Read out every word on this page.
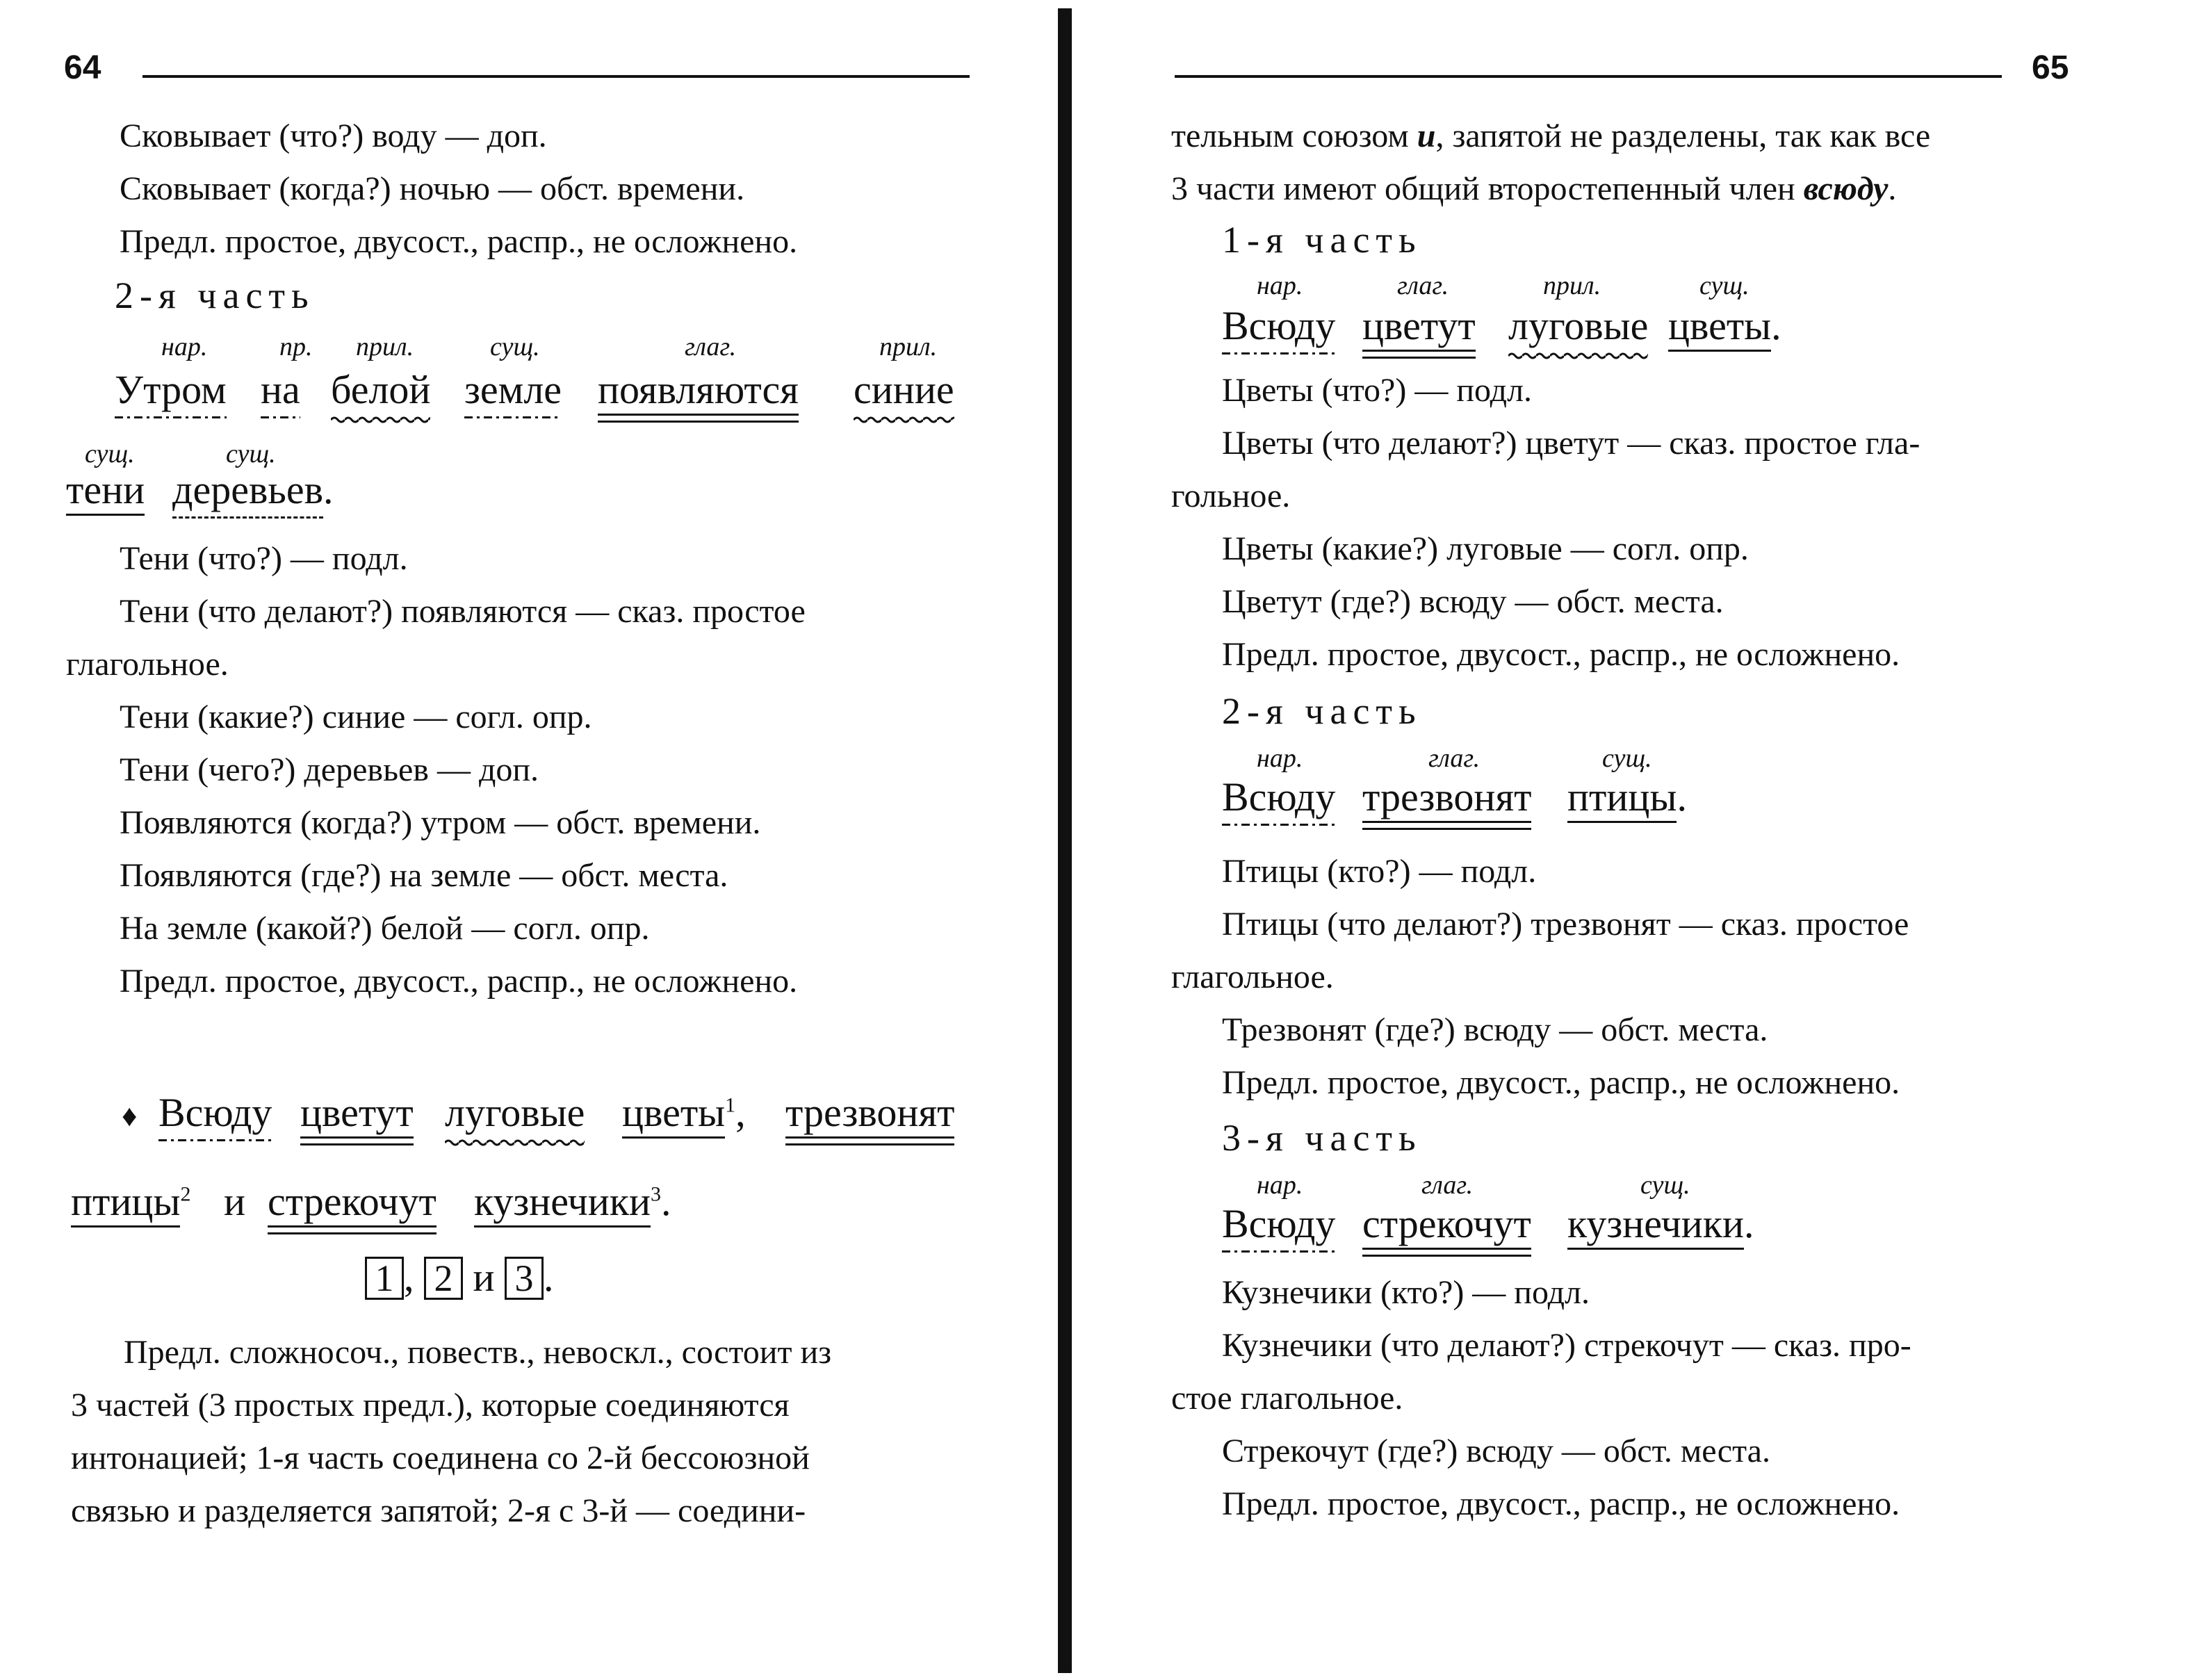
64
Сковывает (что?) воду — доп.
Сковывает (когда?) ночью — обст. времени.
Предл. простое, двусост., распр., не осложнено.
2-я часть
нар.	пр. прил.	сущ.	глаг.	прил.
Утром на белой земле появляются синие
сущ.	сущ.
тени деревьев.
Тени (что?) — подл.
Тени (что делают?) появляются — сказ. простое
глагольное.
Тени (какие?) синие — согл. опр.
Тени (чего?) деревьев — доп.
Появляются (когда?) утром — обст. времени.
Появляются (где?) на земле — обст. места.
На земле (какой?) белой — согл. опр.
Предл. простое, двусост., распр., не осложнено.
♦ Всюду цветут луговые цветы$^1$, трезвонят
птицы$^2$ и стрекочут кузнечики$^3$.
1 , 2 и 3 .
Предл. сложносоч., повеств., невоскл., состоит из
3 частей (3 простых предл.), которые соединяются
интонацией; 1-я часть соединена со 2-й бессоюзной
связью и разделяется запятой; 2-я с 3-й — соедини-
65
тельным союзом и, запятой не разделены, так как все
3 части имеют общий второстепенный член всюду.
1-я часть
нар.	глаг.	прил.	сущ.
Всюду цветут луговые цветы.
Цветы (что?) — подл.
Цветы (что делают?) цветут — сказ. простое гла-
гольное.
Цветы (какие?) луговые — согл. опр.
Цветут (где?) всюду — обст. места.
Предл. простое, двусост., распр., не осложнено.
2-я часть
нар.	глаг.	сущ.
Всюду трезвонят птицы.
Птицы (кто?) — подл.
Птицы (что делают?) трезвонят — сказ. простое
глагольное.
Трезвонят (где?) всюду — обст. места.
Предл. простое, двусост., распр., не осложнено.
3-я часть
нар.	глаг.	сущ.
Всюду стрекочут кузнечики.
Кузнечики (кто?) — подл.
Кузнечики (что делают?) стрекочут — сказ. про-
стое глагольное.
Стрекочут (где?) всюду — обст. места.
Предл. простое, двусост., распр., не осложнено.
